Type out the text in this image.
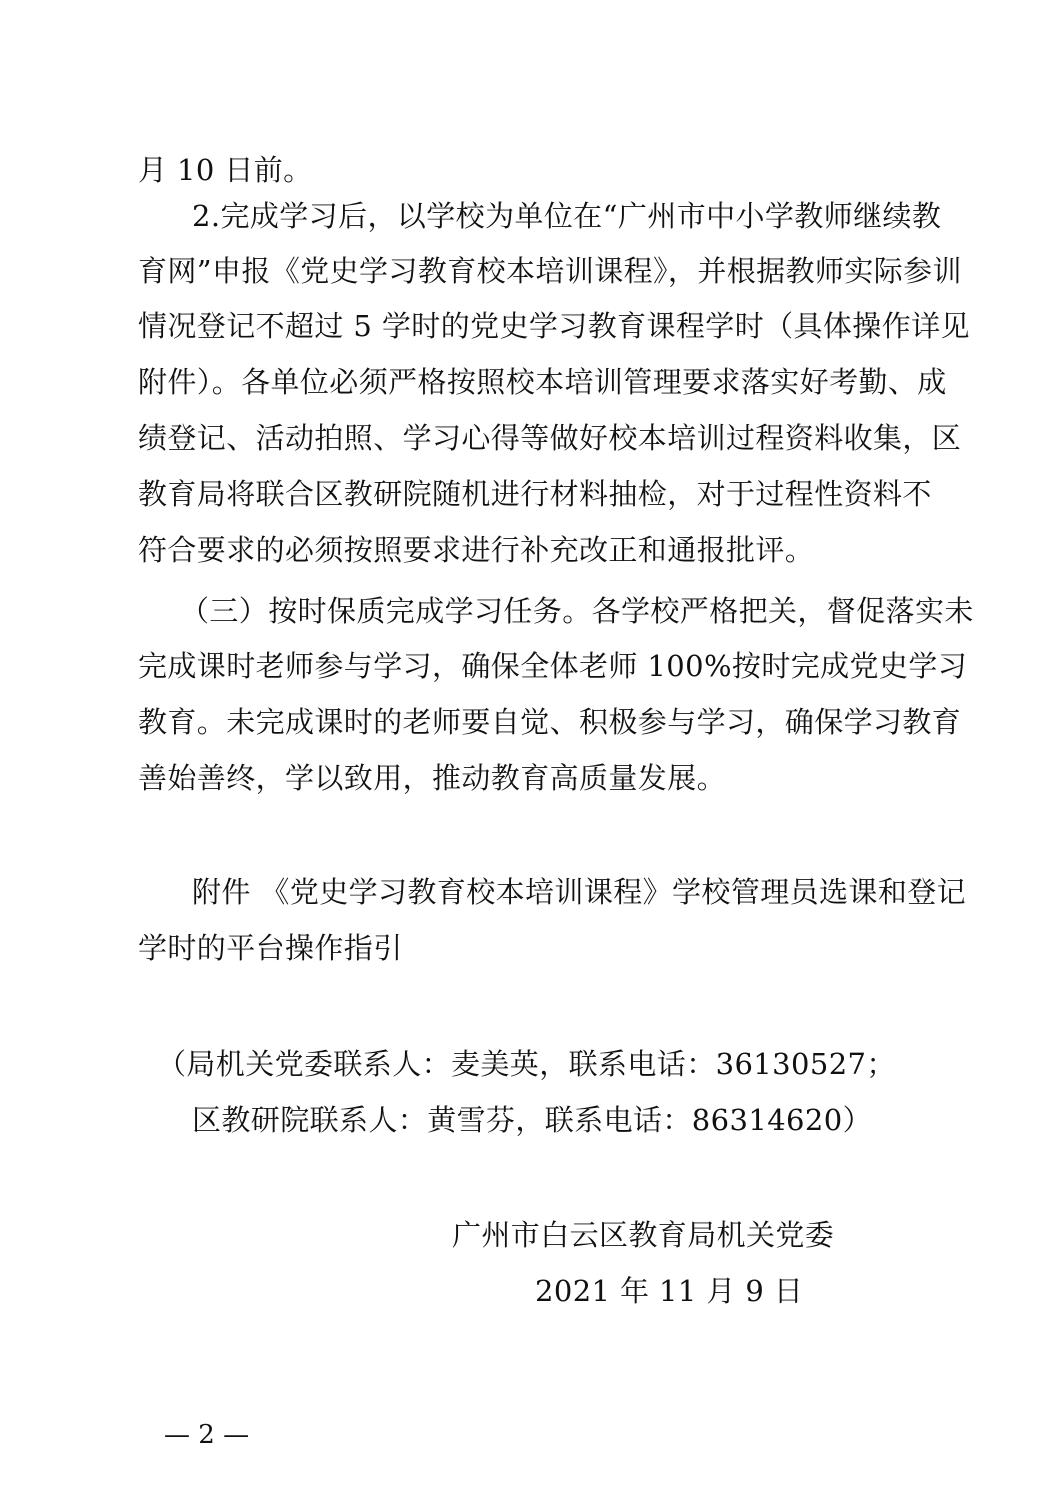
月 10 日前。
2.完成学习后，以学校为单位在“广州市中小学教师继续教
育网”申报《党史学习教育校本培训课程》，并根据教师实际参训
情况登记不超过 5 学时的党史学习教育课程学时（具体操作详见
附件）。各单位必须严格按照校本培训管理要求落实好考勤、成
绩登记、活动拍照、学习心得等做好校本培训过程资料收集，区
教育局将联合区教研院随机进行材料抽检，对于过程性资料不
符合要求的必须按照要求进行补充改正和通报批评。
（三）按时保质完成学习任务。各学校严格把关，督促落实未
完成课时老师参与学习，确保全体老师 100%按时完成党史学习
教育。未完成课时的老师要自觉、积极参与学习，确保学习教育
善始善终，学以致用，推动教育高质量发展。
附件 《党史学习教育校本培训课程》学校管理员选课和登记
学时的平台操作指引
（局机关党委联系人：麦美英，联系电话：36130527；
区教研院联系人：黄雪芬，联系电话：86314620）
广州市白云区教育局机关党委
2021 年 11 月 9 日
— 2 —
